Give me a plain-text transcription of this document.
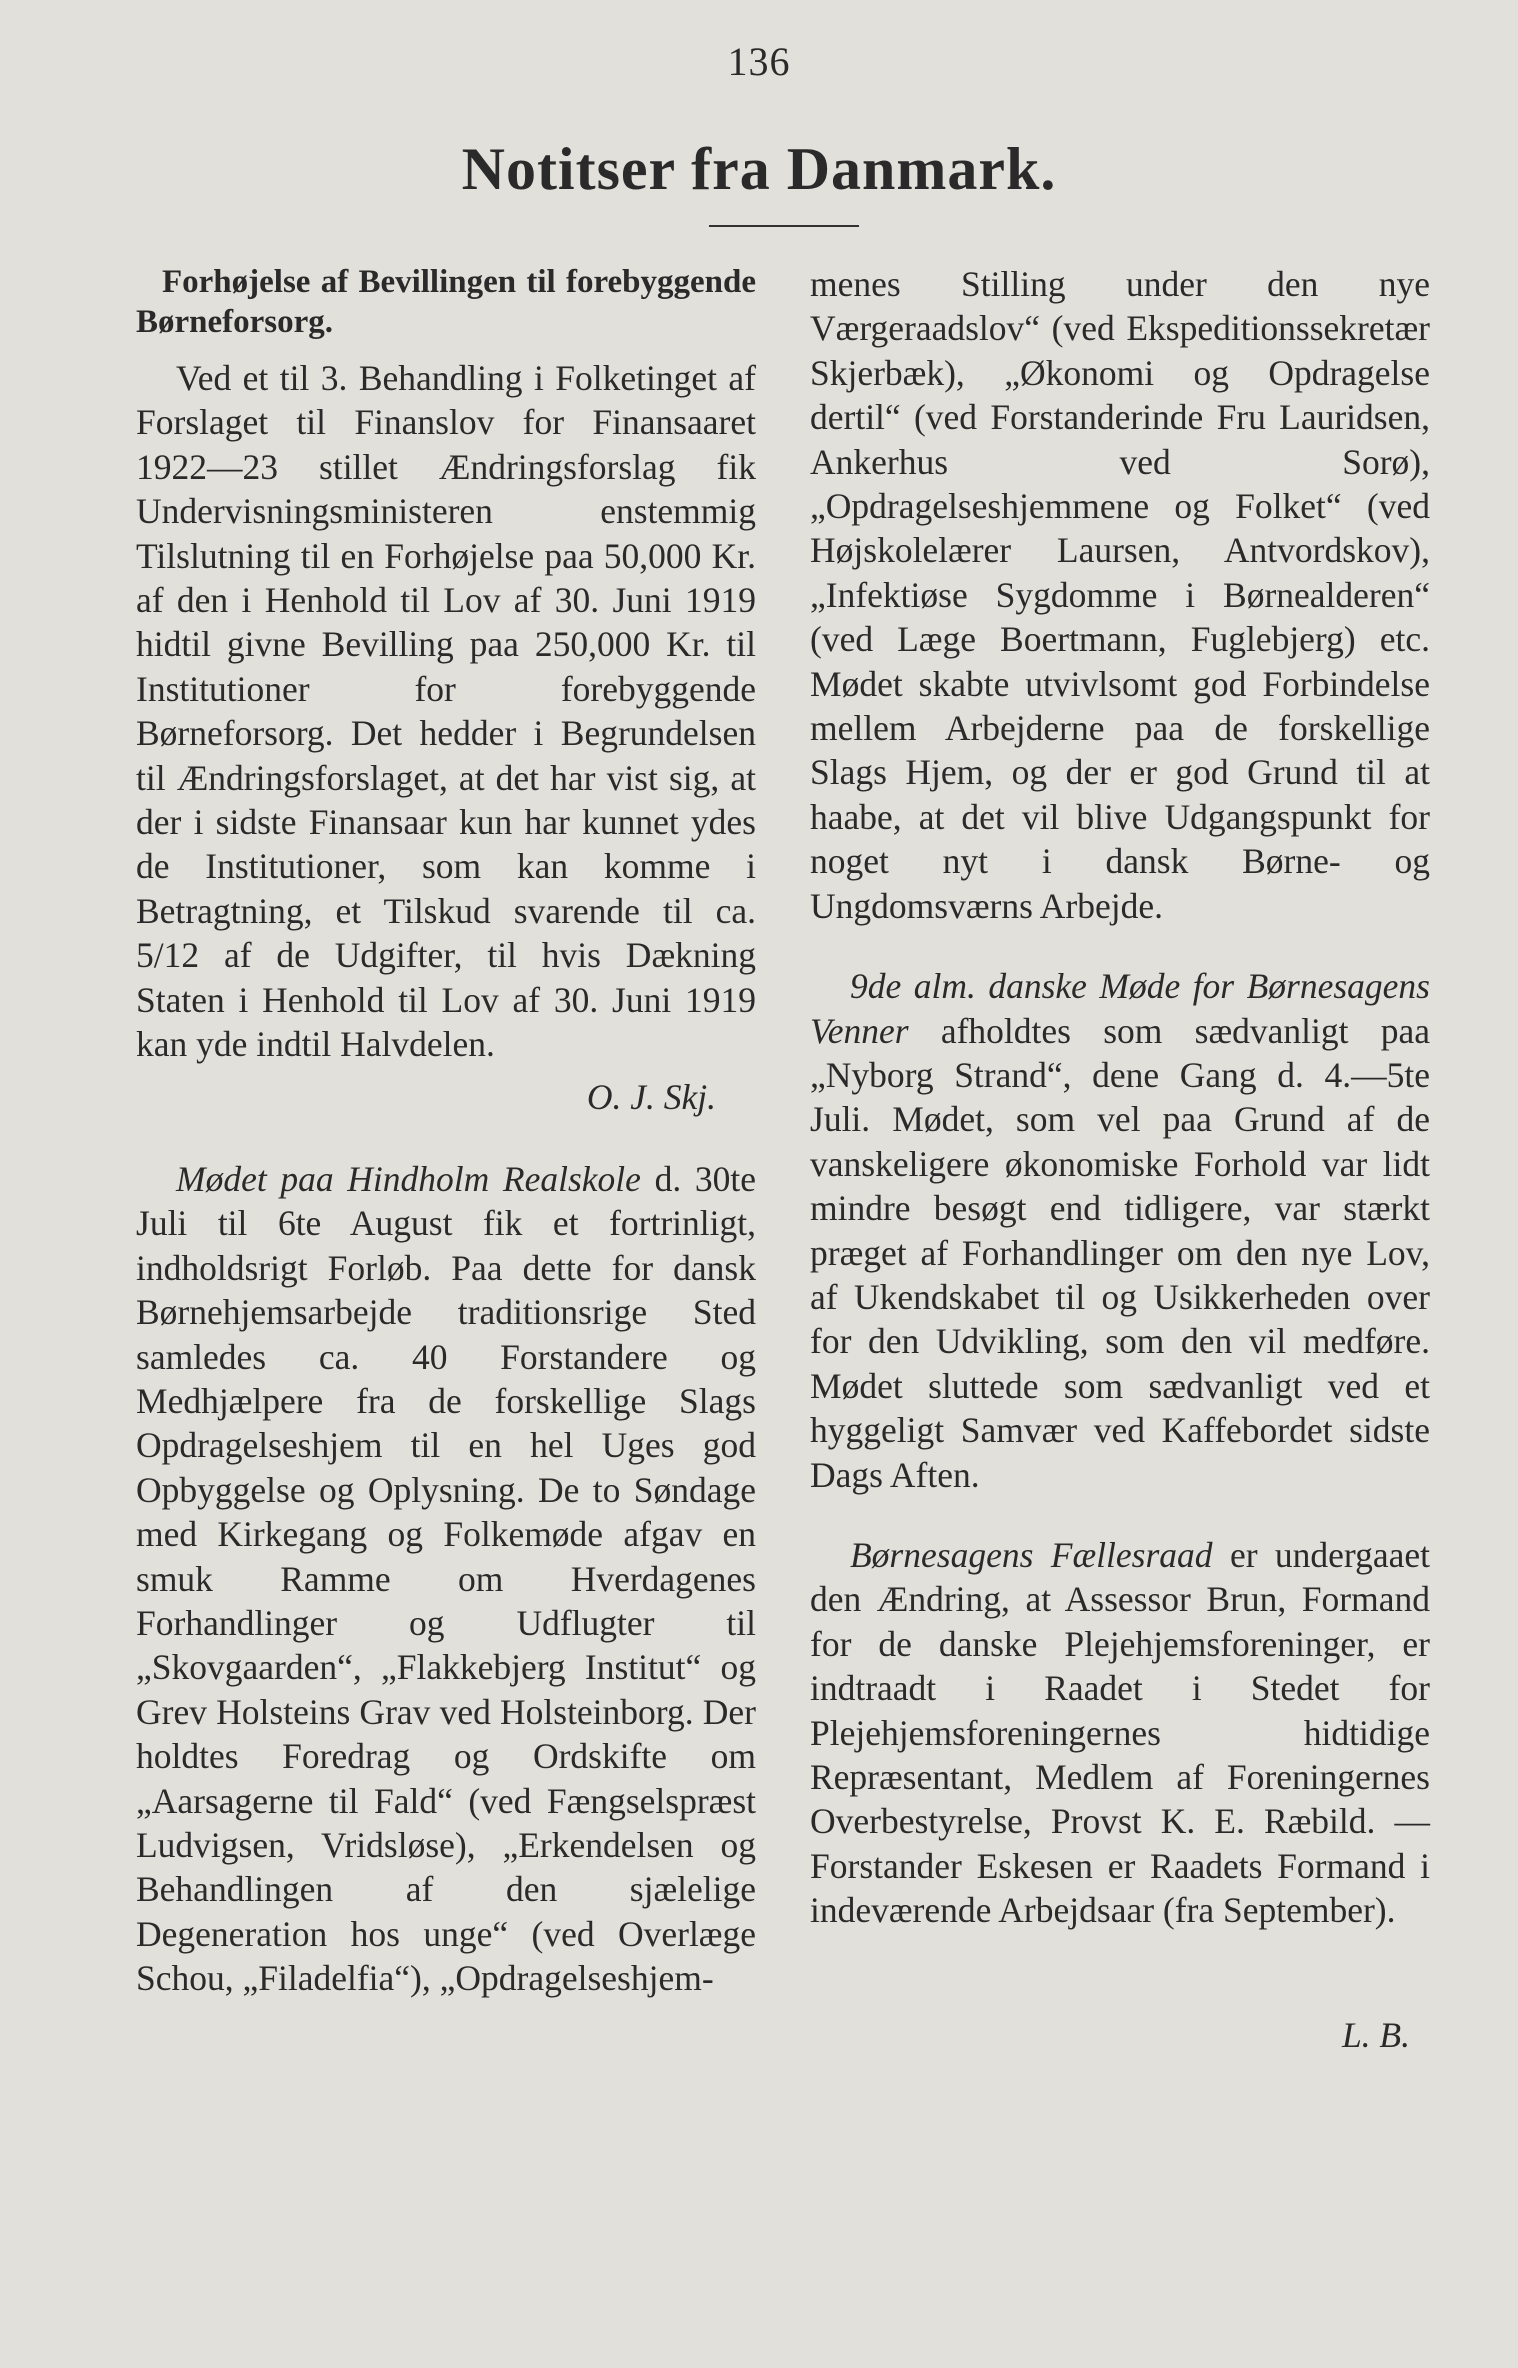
136
Notitser fra Danmark.

Forhøjelse af Bevillingen til forebyggende Børneforsorg.

Ved et til 3. Behandling i Folketinget af Forslaget til Finanslov for Finansaaret 1922—23 stillet Ændringsforslag fik Undervisningsministeren enstemmig Tilslutning til en Forhøjelse paa 50,000 Kr. af den i Henhold til Lov af 30. Juni 1919 hidtil givne Bevilling paa 250,000 Kr. til Institutioner for forebyggende Børneforsorg. Det hedder i Begrundelsen til Ændringsforslaget, at det har vist sig, at der i sidste Finansaar kun har kunnet ydes de Institutioner, som kan komme i Betragtning, et Tilskud svarende til ca. 5/12 af de Udgifter, til hvis Dækning Staten i Henhold til Lov af 30. Juni 1919 kan yde indtil Halvdelen.

O. J. Skj.

Mødet paa Hindholm Realskole d. 30te Juli til 6te August fik et fortrinligt, indholdsrigt Forløb. Paa dette for dansk Børnehjemsarbejde traditionsrige Sted samledes ca. 40 Forstandere og Medhjælpere fra de forskellige Slags Opdragelseshjem til en hel Uges god Opbyggelse og Oplysning. De to Søndage med Kirkegang og Folkemøde afgav en smuk Ramme om Hverdagenes Forhandlinger og Udflugter til „Skovgaarden“, „Flakkebjerg Institut“ og Grev Holsteins Grav ved Holsteinborg. Der holdtes Foredrag og Ordskifte om „Aarsagerne til Fald“ (ved Fængselspræst Ludvigsen, Vridsløse), „Erkendelsen og Behandlingen af den sjælelige Degeneration hos unge“ (ved Overlæge Schou, „Filadelfia“), „Opdragelseshjem-

menes Stilling under den nye Værgeraadslov“ (ved Ekspeditionssekretær Skjerbæk), „Økonomi og Opdragelse dertil“ (ved Forstanderinde Fru Lauridsen, Ankerhus ved Sorø), „Opdragelseshjemmene og Folket“ (ved Højskolelærer Laursen, Antvordskov), „Infektiøse Sygdomme i Børnealderen“ (ved Læge Boertmann, Fuglebjerg) etc. Mødet skabte utvivlsomt god Forbindelse mellem Arbejderne paa de forskellige Slags Hjem, og der er god Grund til at haabe, at det vil blive Udgangspunkt for noget nyt i dansk Børne- og Ungdomsværns Arbejde.

9de alm. danske Møde for Børnesagens Venner afholdtes som sædvanligt paa „Nyborg Strand“, dene Gang d. 4.—5te Juli. Mødet, som vel paa Grund af de vanskeligere økonomiske Forhold var lidt mindre besøgt end tidligere, var stærkt præget af Forhandlinger om den nye Lov, af Ukendskabet til og Usikkerheden over for den Udvikling, som den vil medføre. Mødet sluttede som sædvanligt ved et hyggeligt Samvær ved Kaffebordet sidste Dags Aften.

Børnesagens Fællesraad er undergaaet den Ændring, at Assessor Brun, Formand for de danske Plejehjemsforeninger, er indtraadt i Raadet i Stedet for Plejehjemsforeningernes hidtidige Repræsentant, Medlem af Foreningernes Overbestyrelse, Provst K. E. Ræbild. — Forstander Eskesen er Raadets Formand i indeværende Arbejdsaar (fra September).

L. B.
